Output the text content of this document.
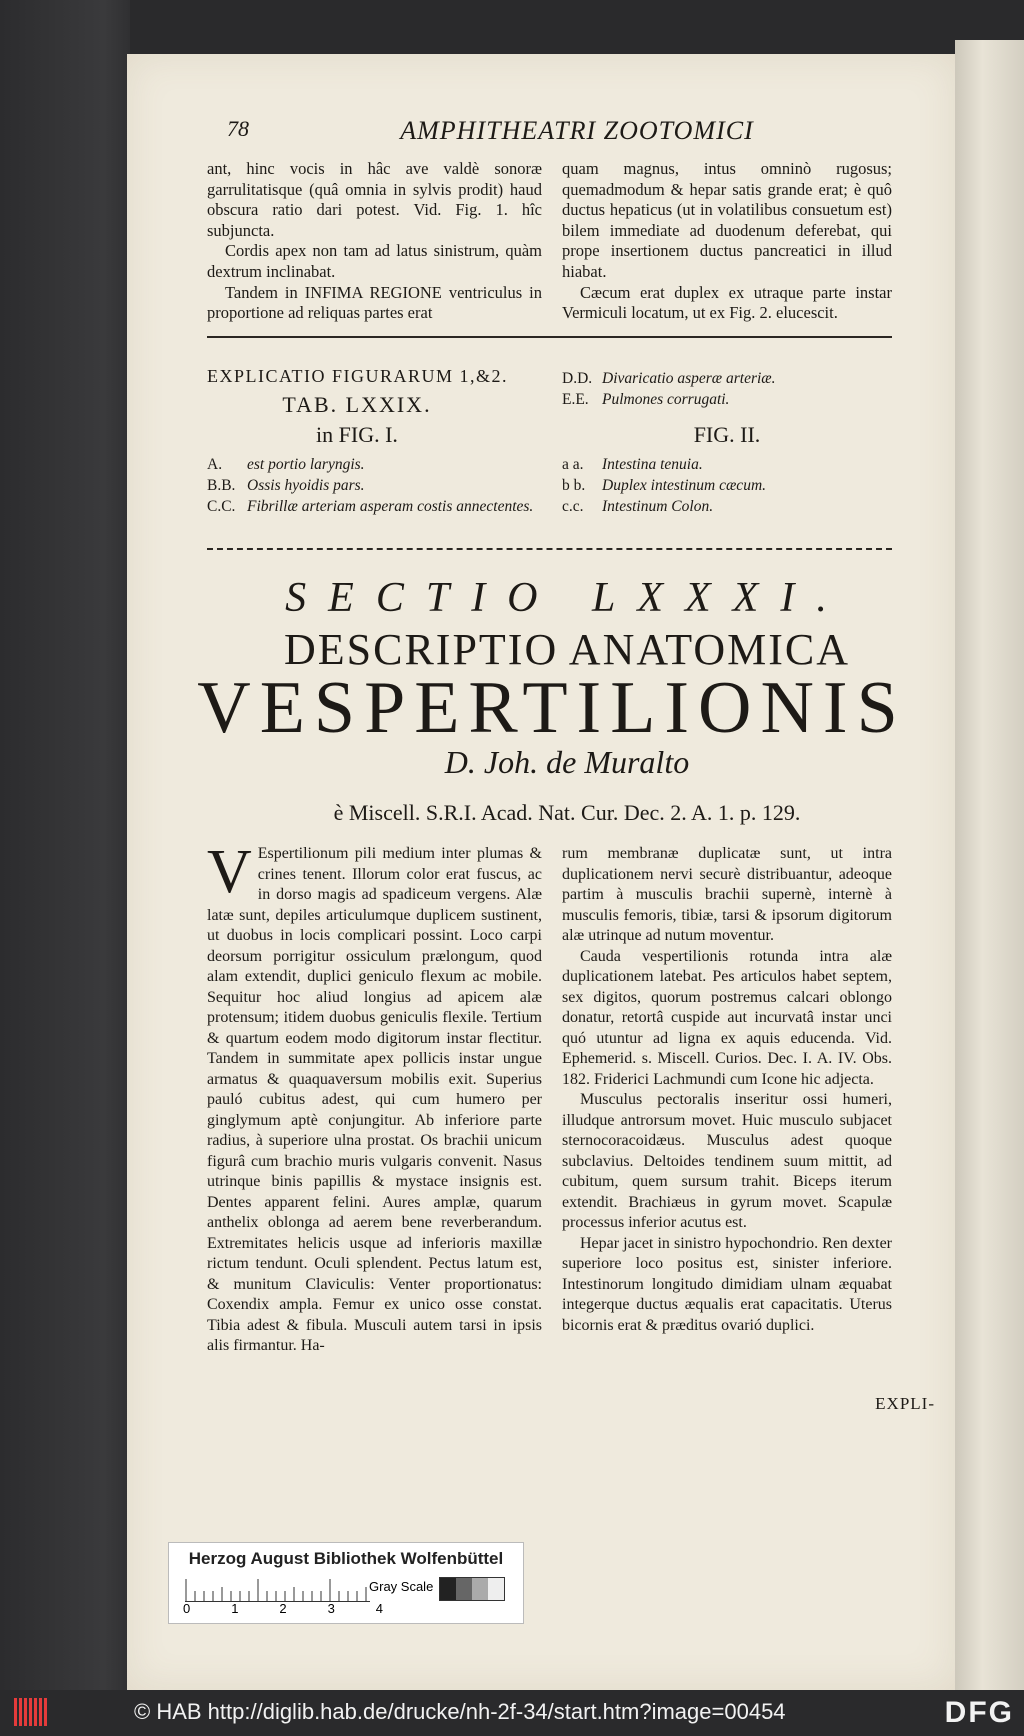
78	AMPHITHEATRI ZOOTOMICI

ant, hinc vocis in hâc ave valdè sonoræ garrulitatisque (quâ omnia in sylvis prodit) haud obscura ratio dari potest. Vid. Fig. 1. hîc subjuncta.

Cordis apex non tam ad latus sinistrum, quàm dextrum inclinabat.

Tandem in INFIMA REGIONE ventriculus in proportione ad reliquas partes erat

quam magnus, intus omninò rugosus; quemadmodum & hepar satis grande erat; è quô ductus hepaticus (ut in volatilibus consuetum est) bilem immediate ad duodenum deferebat, qui prope insertionem ductus pancreatici in illud hiabat.

Cæcum erat duplex ex utraque parte instar Vermiculi locatum, ut ex Fig. 2. elucescit.

EXPLICATIO FIGURARUM 1,&2.
TAB. LXXIX.
in FIG. I.
A.	est portio laryngis.
B.B. Ossis hyoidis pars.
C.C. Fibrillæ arteriam asperam costis annectentes.
D.D. Divaricatio asperæ arteriæ.
E.E. Pulmones corrugati.
FIG. II.
a a.	Intestina tenuia.
b b.	Duplex intestinum cæcum.
c.c.	Intestinum Colon.
SECTIO LXXXI.
DESCRIPTIO ANATOMICA
VESPERTILIONIS
D. Joh. de Muralto
è Miscell. S.R.I. Acad. Nat. Cur. Dec. 2. A. 1. p. 129.
V Espertilionum pili medium inter plumas & crines tenent. Illorum color erat fuscus, ac in dorso magis ad spadiceum vergens. Alæ latæ sunt, depiles articulumque duplicem sustinent, ut duobus in locis complicari possint. Loco carpi deorsum porrigitur ossiculum prælongum, quod alam extendit, duplici geniculo flexum ac mobile. Sequitur hoc aliud longius ad apicem alæ protensum; itidem duobus geniculis flexile. Tertium & quartum eodem modo digitorum instar flectitur. Tandem in summitate apex pollicis instar ungue armatus & quaquaversum mobilis exit. Superius pauló cubitus adest, qui cum humero per ginglymum aptè conjungitur. Ab inferiore parte radius, à superiore ulna prostat. Os brachii unicum figurâ cum brachio muris vulgaris convenit. Nasus utrinque binis papillis & mystace insignis est. Dentes apparent felini. Aures amplæ, quarum anthelix oblonga ad aerem bene reverberandum. Extremitates helicis usque ad inferioris maxillæ rictum tendunt. Oculi splendent. Pectus latum est, & munitum Claviculis: Venter proportionatus: Coxendix ampla. Femur ex unico osse constat. Tibia adest & fibula. Musculi autem tarsi in ipsis alis firmantur. Ha-

rum membranæ duplicatæ sunt, ut intra duplicationem nervi securè distribuantur, adeoque partim à musculis brachii supernè, internè à musculis femoris, tibiæ, tarsi & ipsorum digitorum alæ utrinque ad nutum moventur.

Cauda vespertilionis rotunda intra alæ duplicationem latebat. Pes articulos habet septem, sex digitos, quorum postremus calcari oblongo donatur, retortâ cuspide aut incurvatâ instar unci quó utuntur ad ligna ex aquis educenda. Vid. Ephemerid. s. Miscell. Curios. Dec. I. A. IV. Obs. 182. Friderici Lachmundi cum Icone hic adjecta.

Musculus pectoralis inseritur ossi humeri, illudque antrorsum movet. Huic musculo subjacet sternocoracoidæus. Musculus adest quoque subclavius. Deltoides tendinem suum mittit, ad cubitum, quem sursum trahit. Biceps iterum extendit. Brachiæus in gyrum movet. Scapulæ processus inferior acutus est.

Hepar jacet in sinistro hypochondrio. Ren dexter superiore loco positus est, sinister inferiore. Intestinorum longitudo dimidiam ulnam æquabat integerque ductus æqualis erat capacitatis. Uterus bicornis erat & præditus ovarió duplici.

EXPLI-
Herzog August Bibliothek Wolfenbüttel
0	1	2	3	4
Gray Scale
© HAB http://diglib.hab.de/drucke/nh-2f-34/start.htm?image=00454	DFG
